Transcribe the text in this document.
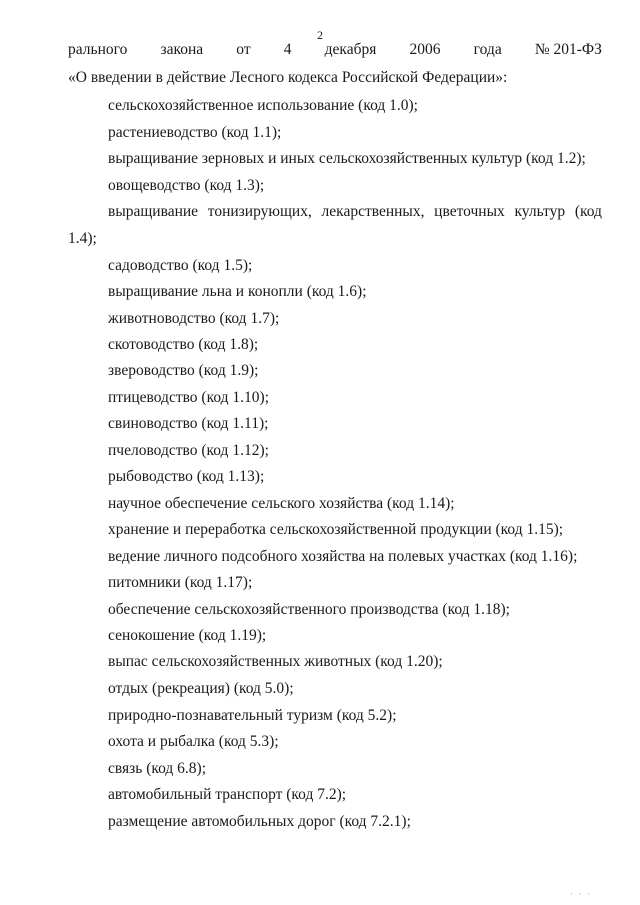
2
рального закона от 4 декабря 2006 года № 201-ФЗ
«О введении в действие Лесного кодекса Российской Федерации»:
сельскохозяйственное использование (код 1.0);
растениеводство (код 1.1);
выращивание зерновых и иных сельскохозяйственных культур (код 1.2);
овощеводство (код 1.3);
выращивание тонизирующих, лекарственных, цветочных культур (код
1.4);
садоводство (код 1.5);
выращивание льна и конопли (код 1.6);
животноводство (код 1.7);
скотоводство (код 1.8);
звероводство (код 1.9);
птицеводство (код 1.10);
свиноводство (код 1.11);
пчеловодство (код 1.12);
рыбоводство (код 1.13);
научное обеспечение сельского хозяйства (код 1.14);
хранение и переработка сельскохозяйственной продукции (код 1.15);
ведение личного подсобного хозяйства на полевых участках (код 1.16);
питомники (код 1.17);
обеспечение сельскохозяйственного производства (код 1.18);
сенокошение (код 1.19);
выпас сельскохозяйственных животных (код 1.20);
отдых (рекреация) (код 5.0);
природно-познавательный туризм (код 5.2);
охота и рыбалка (код 5.3);
связь (код 6.8);
автомобильный транспорт (код 7.2);
размещение автомобильных дорог (код 7.2.1);
· · ·
